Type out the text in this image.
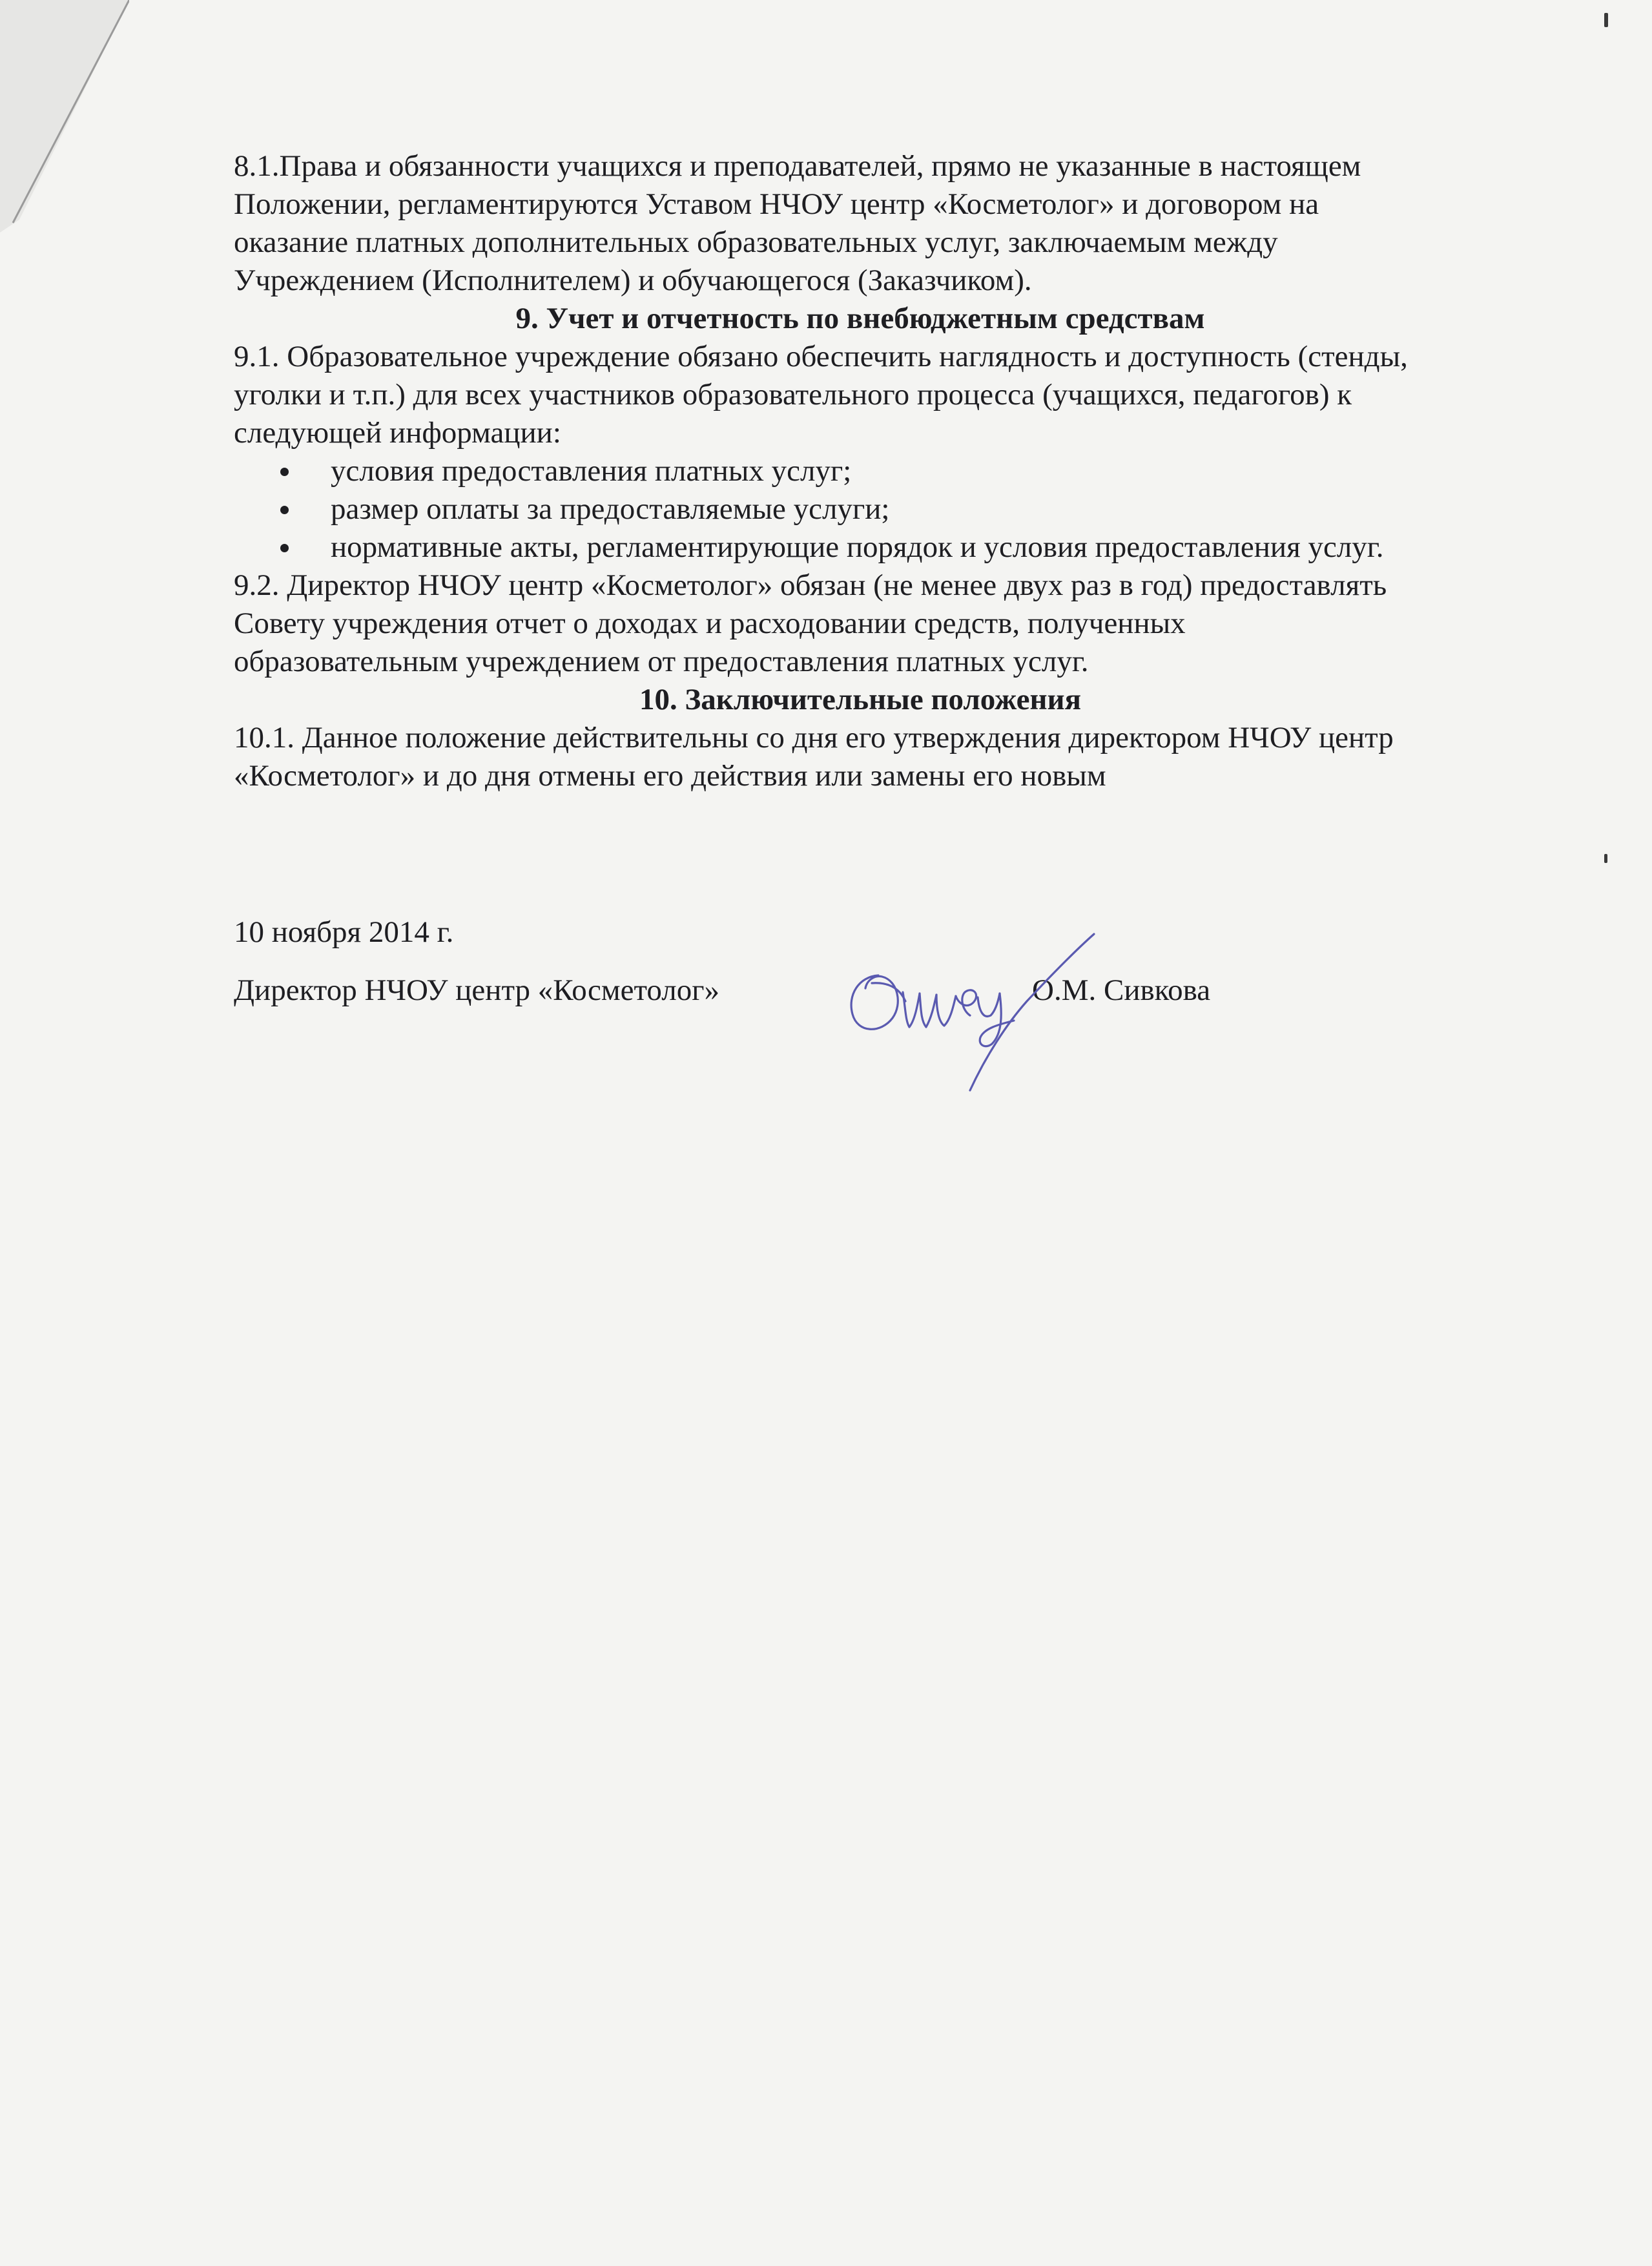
8.1.Права и обязанности учащихся и преподавателей, прямо не указанные в настоящем
Положении, регламентируются Уставом НЧОУ центр «Косметолог» и договором на
оказание платных дополнительных образовательных услуг, заключаемым между
Учреждением (Исполнителем) и обучающегося (Заказчиком).
9. Учет и отчетность по внебюджетным средствам
9.1. Образовательное учреждение обязано обеспечить наглядность и доступность (стенды,
уголки и т.п.) для всех участников образовательного процесса (учащихся, педагогов) к
следующей информации:
условия предоставления платных услуг;
размер оплаты за предоставляемые услуги;
нормативные акты, регламентирующие порядок и условия предоставления услуг.
9.2. Директор НЧОУ центр «Косметолог» обязан (не менее двух раз в год) предоставлять
Совету учреждения отчет о доходах и расходовании средств, полученных
образовательным учреждением от предоставления платных услуг.
10. Заключительные положения
10.1. Данное положение действительны со дня его утверждения директором НЧОУ центр
«Косметолог» и до дня отмены его действия или замены его новым
10 ноября 2014 г.
Директор НЧОУ центр «Косметолог»	О.М. Сивкова
